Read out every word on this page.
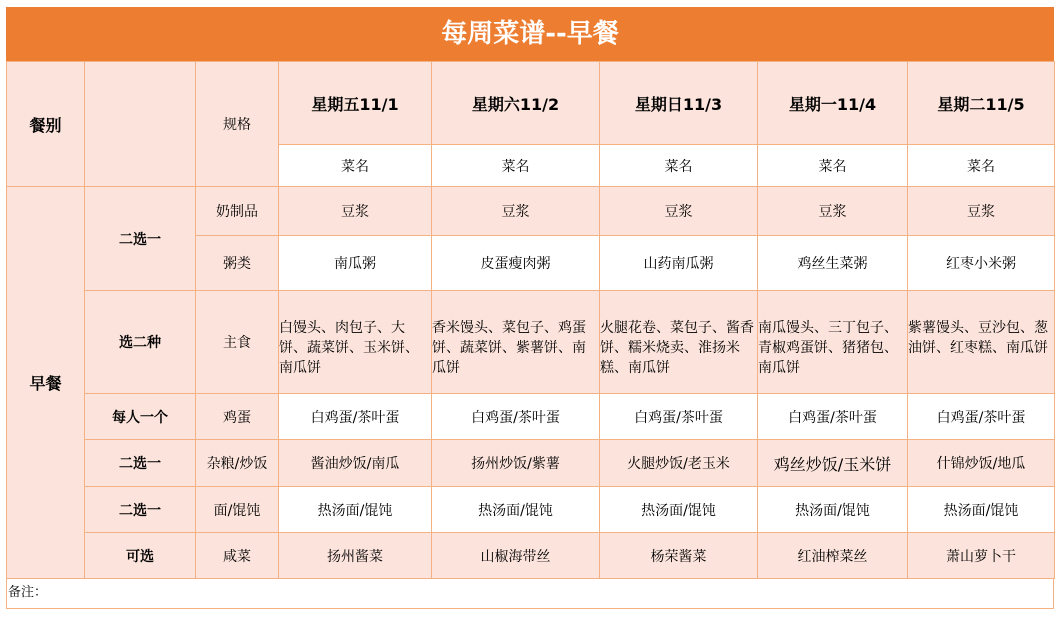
每周菜谱--早餐
餐别		规格	星期五11/1	星期六11/2	星期日11/3	星期一11/4	星期二11/5
			菜名	菜名	菜名	菜名	菜名
早餐	二选一	奶制品	豆浆	豆浆	豆浆	豆浆	豆浆
		粥类	南瓜粥	皮蛋瘦肉粥	山药南瓜粥	鸡丝生菜粥	红枣小米粥
	选二种	主食	白馒头、肉包子、大饼、蔬菜饼、玉米饼、南瓜饼	香米馒头、菜包子、鸡蛋饼、蔬菜饼、紫薯饼、南瓜饼	火腿花卷、菜包子、酱香饼、糯米烧卖、淮扬米糕、南瓜饼	南瓜馒头、三丁包子、青椒鸡蛋饼、猪猪包、南瓜饼	紫薯馒头、豆沙包、葱油饼、红枣糕、南瓜饼
	每人一个	鸡蛋	白鸡蛋/茶叶蛋	白鸡蛋/茶叶蛋	白鸡蛋/茶叶蛋	白鸡蛋/茶叶蛋	白鸡蛋/茶叶蛋
	二选一	杂粮/炒饭	酱油炒饭/南瓜	扬州炒饭/紫薯	火腿炒饭/老玉米	鸡丝炒饭/玉米饼	什锦炒饭/地瓜
	二选一	面/馄饨	热汤面/馄饨	热汤面/馄饨	热汤面/馄饨	热汤面/馄饨	热汤面/馄饨
	可选	咸菜	扬州酱菜	山椒海带丝	杨荣酱菜	红油榨菜丝	萧山萝卜干
备注：
